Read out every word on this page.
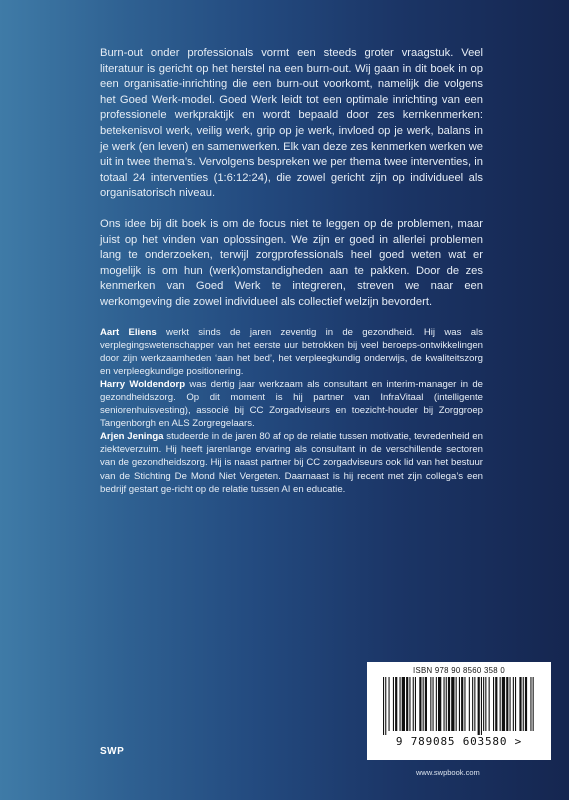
Burn-out onder professionals vormt een steeds groter vraagstuk. Veel literatuur is gericht op het herstel na een burn-out. Wij gaan in dit boek in op een organisatie-inrichting die een burn-out voorkomt, namelijk die volgens het Goed Werk-model. Goed Werk leidt tot een optimale inrichting van een professionele werkpraktijk en wordt bepaald door zes kernkenmerken: betekenisvol werk, veilig werk, grip op je werk, invloed op je werk, balans in je werk (en leven) en samenwerken. Elk van deze zes kenmerken werken we uit in twee thema’s. Vervolgens bespreken we per thema twee interventies, in totaal 24 interventies (1:6:12:24), die zowel gericht zijn op individueel als organisatorisch niveau.

Ons idee bij dit boek is om de focus niet te leggen op de problemen, maar juist op het vinden van oplossingen. We zijn er goed in allerlei problemen lang te onderzoeken, terwijl zorgprofessionals heel goed weten wat er mogelijk is om hun (werk)omstandigheden aan te pakken. Door de zes kenmerken van Goed Werk te integreren, streven we naar een werkomgeving die zowel individueel als collectief welzijn bevordert.

Aart Eliens werkt sinds de jaren zeventig in de gezondheid. Hij was als verplegingswetenschapper van het eerste uur betrokken bij veel beroeps-ontwikkelingen door zijn werkzaamheden ‘aan het bed’, het verpleegkundig onderwijs, de kwaliteitszorg en verpleegkundige positionering.

Harry Woldendorp was dertig jaar werkzaam als consultant en interim-manager in de gezondheidszorg. Op dit moment is hij partner van InfraVitaal (intelligente seniorenhuisvesting), associé bij CC Zorgadviseurs en toezicht-houder bij Zorggroep Tangenborgh en ALS Zorgregelaars.

Arjen Jeninga studeerde in de jaren 80 af op de relatie tussen motivatie, tevredenheid en ziekteverzuim. Hij heeft jarenlange ervaring als consultant in de verschillende sectoren van de gezondheidszorg. Hij is naast partner bij CC zorgadviseurs ook lid van het bestuur van de Stichting De Mond Niet Vergeten. Daarnaast is hij recent met zijn collega’s een bedrijf gestart ge-richt op de relatie tussen AI en educatie.

ISBN 978 90 8560 358 0
9 789085 603580 >
SWP
www.swpbook.com
